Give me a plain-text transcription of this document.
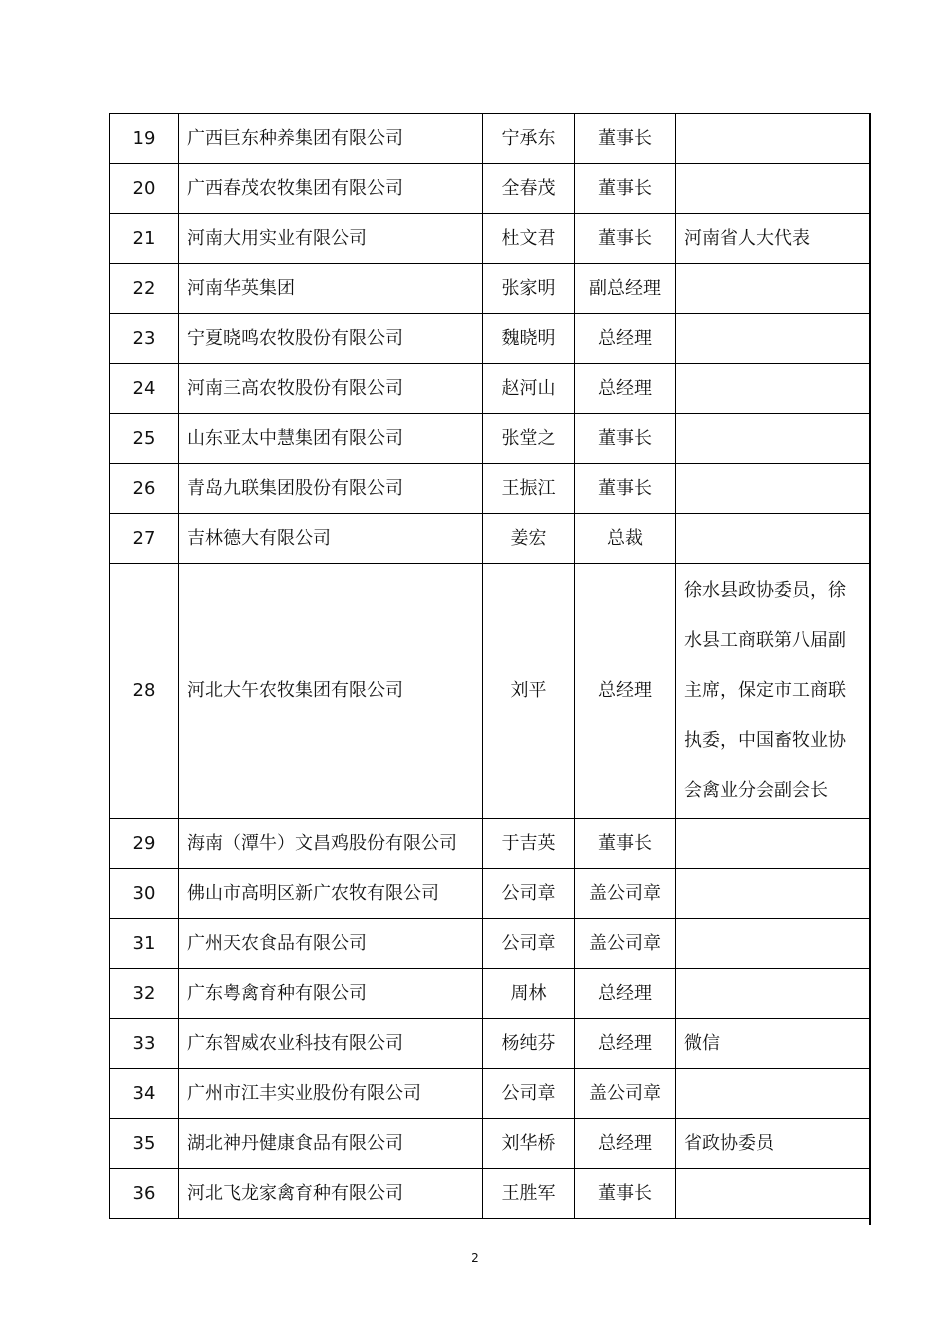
19	广西巨东种养集团有限公司	宁承东	董事长	
20	广西春茂农牧集团有限公司	全春茂	董事长	
21	河南大用实业有限公司	杜文君	董事长	河南省人大代表
22	河南华英集团	张家明	副总经理	
23	宁夏晓鸣农牧股份有限公司	魏晓明	总经理	
24	河南三高农牧股份有限公司	赵河山	总经理	
25	山东亚太中慧集团有限公司	张堂之	董事长	
26	青岛九联集团股份有限公司	王振江	董事长	
27	吉林德大有限公司	姜宏	总裁	
28	河北大午农牧集团有限公司	刘平	总经理	徐水县政协委员，徐水县工商联第八届副主席，保定市工商联执委，中国畜牧业协会禽业分会副会长
29	海南（潭牛）文昌鸡股份有限公司	于吉英	董事长	
30	佛山市高明区新广农牧有限公司	公司章	盖公司章	
31	广州天农食品有限公司	公司章	盖公司章	
32	广东粤禽育种有限公司	周林	总经理	
33	广东智威农业科技有限公司	杨纯芬	总经理	微信
34	广州市江丰实业股份有限公司	公司章	盖公司章	
35	湖北神丹健康食品有限公司	刘华桥	总经理	省政协委员
36	河北飞龙家禽育种有限公司	王胜军	董事长	
2
